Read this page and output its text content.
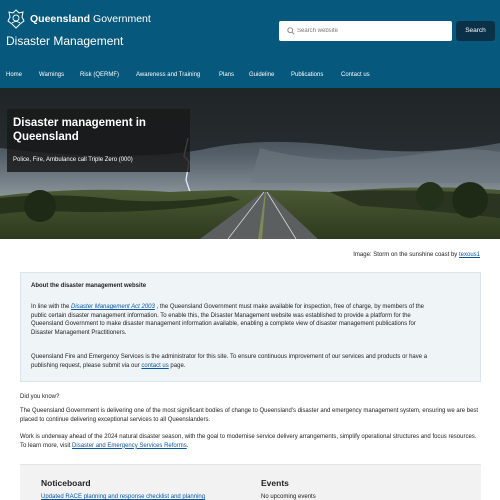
Queensland Government
Disaster Management
Search website
Search
Home	Warnings	Risk (QERMF)	Awareness and Training	Plans Guideline	Publications	Contact us
Disaster management in Queensland
Police, Fire, Ambulance call Triple Zero (000)
Image: Storm on the sunshine coast by texous1
About the disaster management website

In line with the Disaster Management Act 2003 , the Queensland Government must make available for inspection, free of charge, by members of the public certain disaster management information. To enable this, the Disaster Management website was established to provide a platform for the Queensland Government to make disaster management information available, enabling a complete view of disaster management publications for Disaster Management Practitioners.

Queensland Fire and Emergency Services is the administrator for this site. To ensure continuous improvement of our services and products or have a publishing request, please submit via our contact us page.

Did you know?

The Queensland Government is delivering one of the most significant bodies of change to Queensland's disaster and emergency management system, ensuring we are best placed to continue delivering exceptional services to all Queenslanders.

Work is underway ahead of the 2024 natural disaster season, with the goal to modernise service delivery arrangements, simplify operational structures and focus resources. To learn more, visit Disaster and Emergency Services Reforms.

Noticeboard
Updated RACE planning and response checklist and planning
Events
No upcoming events
